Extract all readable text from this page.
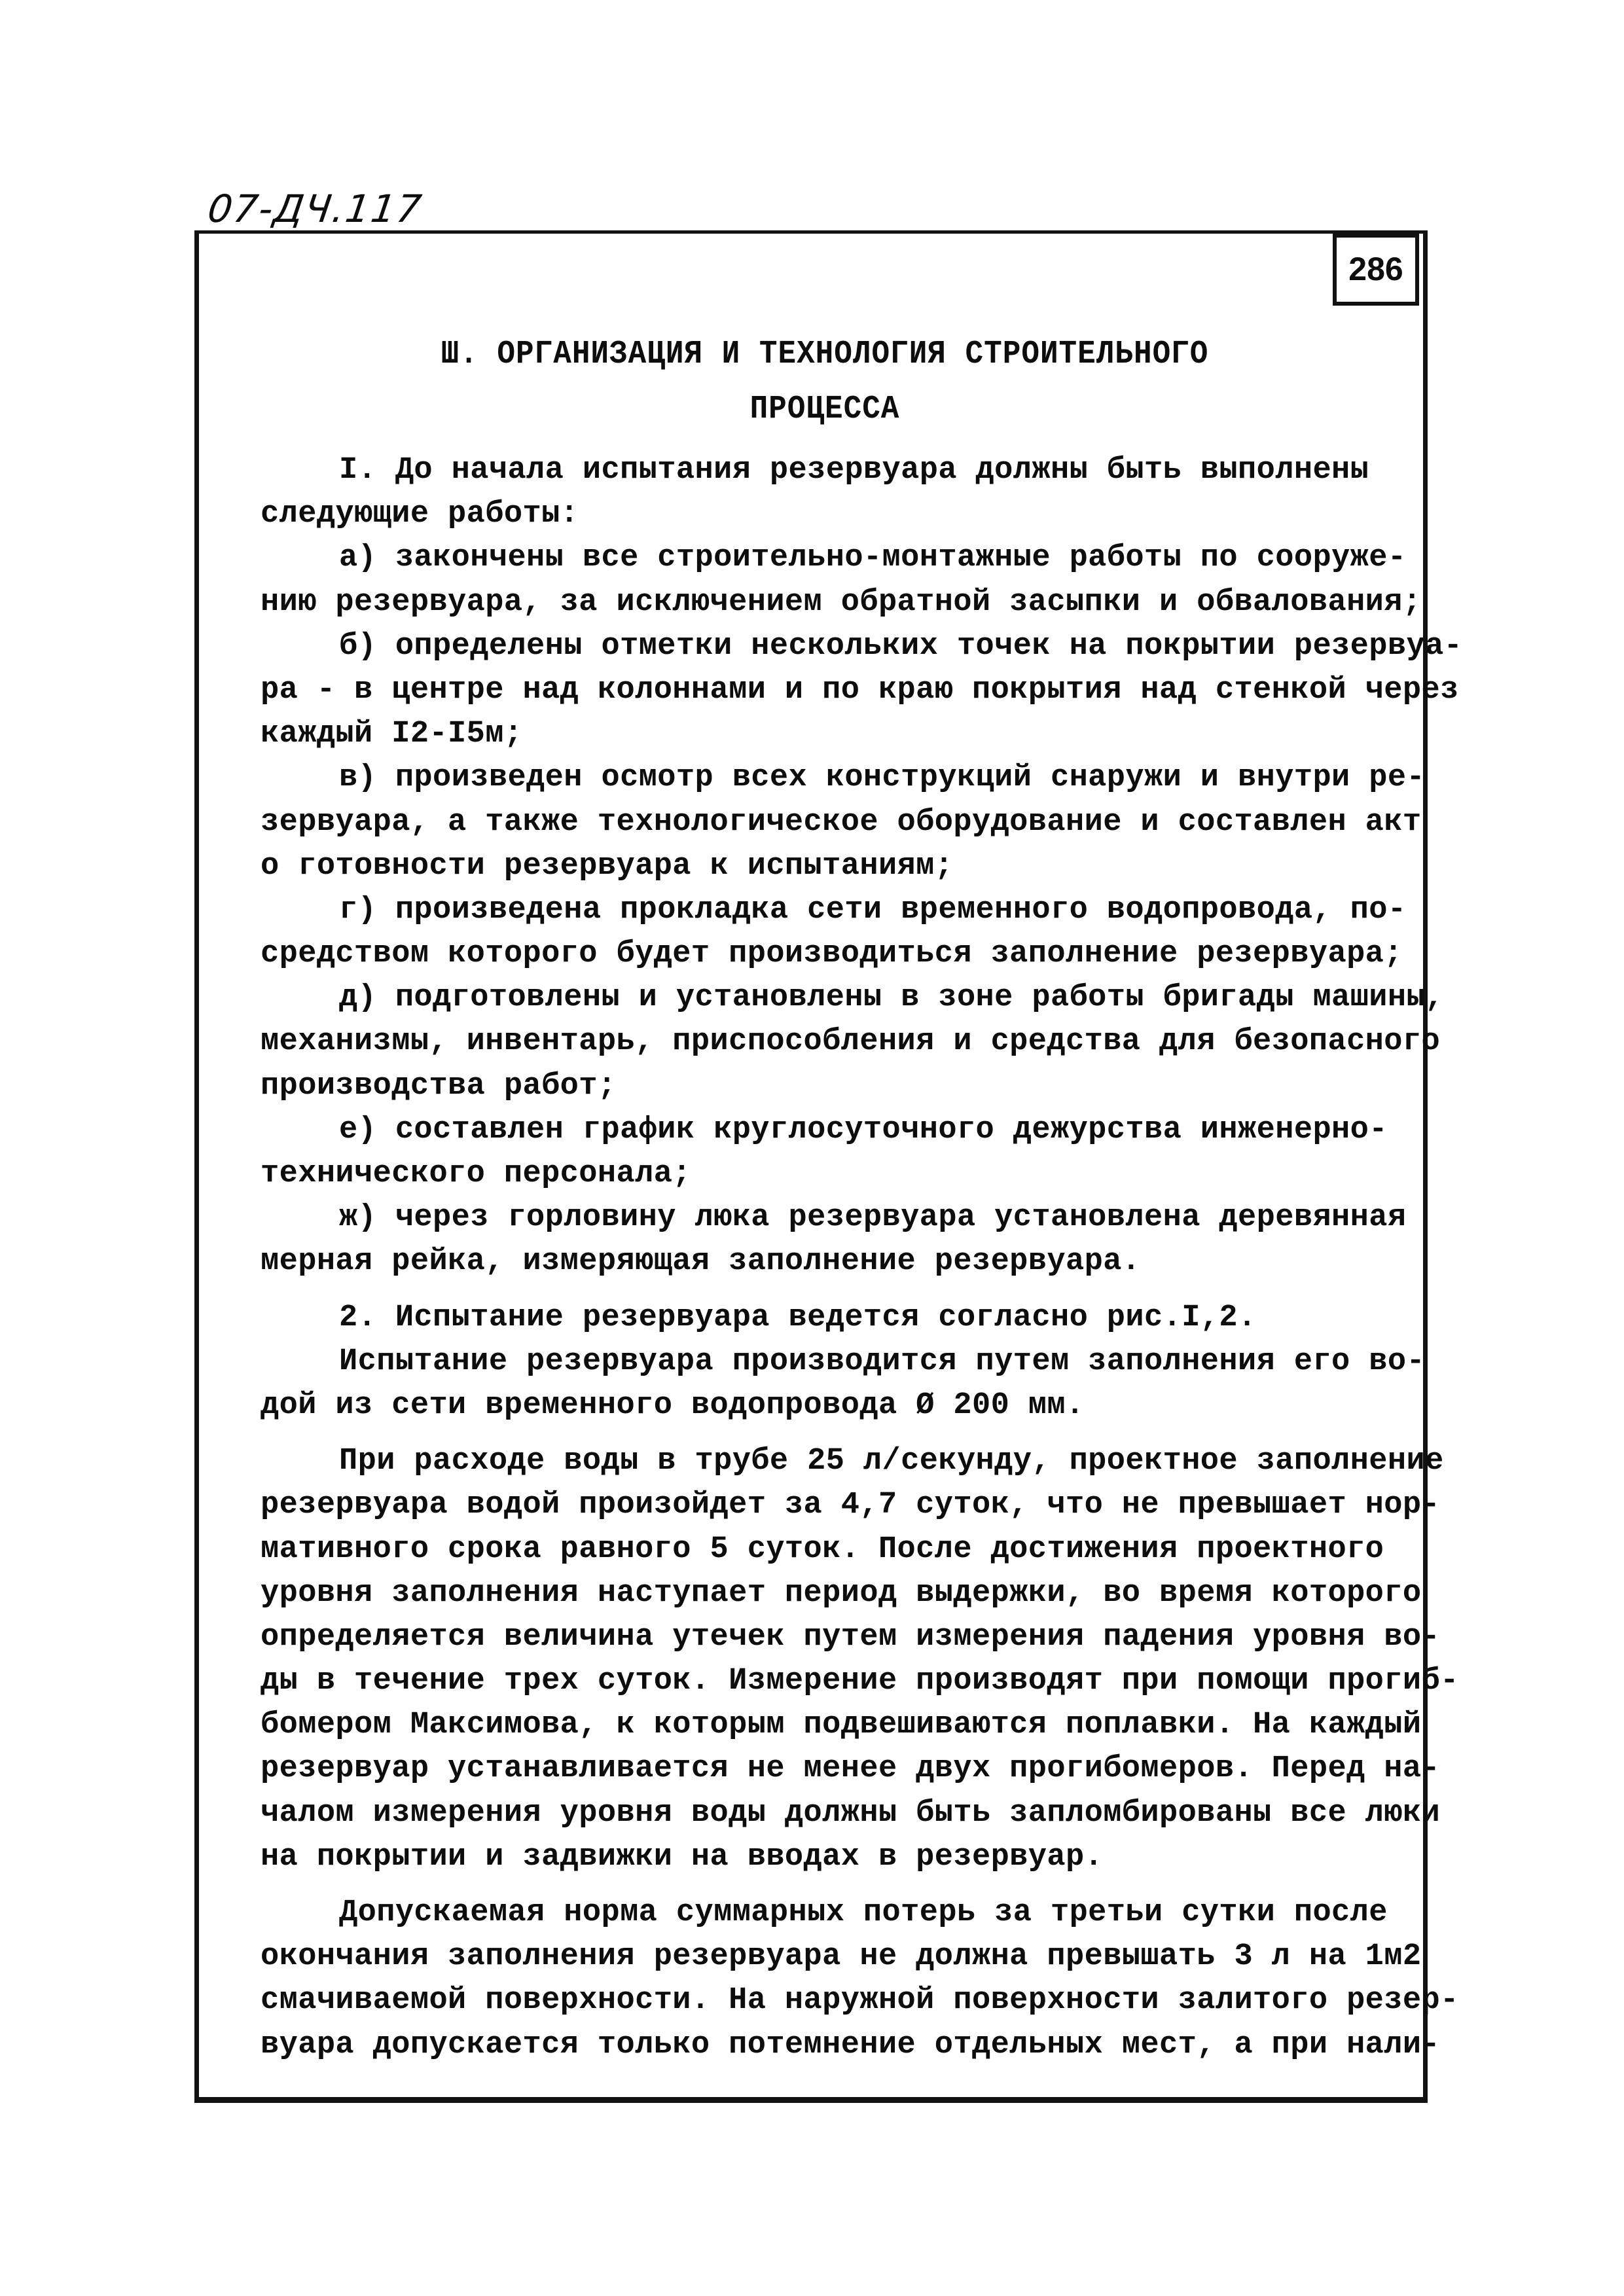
07-ДЧ.117
286
Ш. ОРГАНИЗАЦИЯ И ТЕХНОЛОГИЯ СТРОИТЕЛЬНОГО
ПРОЦЕССА
I. До начала испытания резервуара должны быть выполнены
следующие работы:
а) закончены все строительно-монтажные работы по сооруже-
нию резервуара, за исключением обратной засыпки и обвалования;
б) определены отметки нескольких точек на покрытии резервуа-
ра - в центре над колоннами и по краю покрытия над стенкой через
каждый I2-I5м;
в) произведен осмотр всех конструкций снаружи и внутри ре-
зервуара, а также технологическое оборудование и составлен акт
о готовности резервуара к испытаниям;
г) произведена прокладка сети временного водопровода, по-
средством которого будет производиться заполнение резервуара;
д) подготовлены и установлены в зоне работы бригады машины,
механизмы, инвентарь, приспособления и средства для безопасного
производства работ;
е) составлен график круглосуточного дежурства инженерно-
технического персонала;
ж) через горловину люка резервуара установлена деревянная
мерная рейка, измеряющая заполнение резервуара.
2. Испытание резервуара ведется согласно рис.I,2.
Испытание резервуара производится путем заполнения его во-
дой из сети временного водопровода Ø 200 мм.
При расходе воды в трубе 25 л/секунду, проектное заполнение
резервуара водой произойдет за 4,7 суток, что не превышает нор-
мативного срока равного 5 суток. После достижения проектного
уровня заполнения наступает период выдержки, во время которого
определяется величина утечек путем измерения падения уровня во-
ды в течение трех суток. Измерение производят при помощи прогиб-
бомером Максимова, к которым подвешиваются поплавки. На каждый
резервуар устанавливается не менее двух прогибомеров. Перед на-
чалом измерения уровня воды должны быть запломбированы все люки
на покрытии и задвижки на вводах в резервуар.
Допускаемая норма суммарных потерь за третьи сутки после
окончания заполнения резервуара не должна превышать 3 л на 1м2
смачиваемой поверхности. На наружной поверхности залитого резер-
вуара допускается только потемнение отдельных мест, а при нали-
